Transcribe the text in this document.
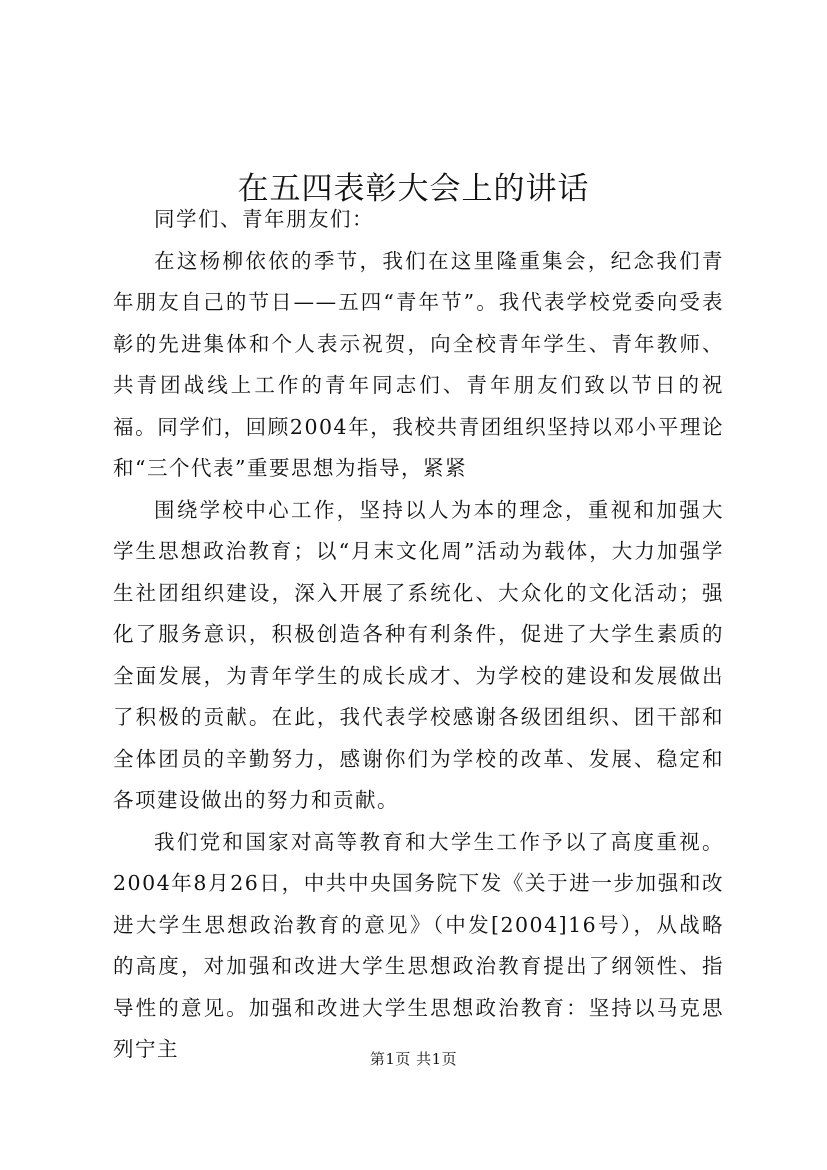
在五四表彰大会上的讲话

同学们、青年朋友们：

在这杨柳依依的季节，我们在这里隆重集会，纪念我们青年朋友自己的节日——五四“青年节”。我代表学校党委向受表彰的先进集体和个人表示祝贺，向全校青年学生、青年教师、共青团战线上工作的青年同志们、青年朋友们致以节日的祝福。同学们，回顾2004年，我校共青团组织坚持以邓小平理论和“三个代表”重要思想为指导，紧紧

围绕学校中心工作，坚持以人为本的理念，重视和加强大学生思想政治教育；以“月末文化周”活动为载体，大力加强学生社团组织建设，深入开展了系统化、大众化的文化活动；强化了服务意识，积极创造各种有利条件，促进了大学生素质的全面发展，为青年学生的成长成才、为学校的建设和发展做出了积极的贡献。在此，我代表学校感谢各级团组织、团干部和全体团员的辛勤努力，感谢你们为学校的改革、发展、稳定和各项建设做出的努力和贡献。

我们党和国家对高等教育和大学生工作予以了高度重视。2004年8月26日，中共中央国务院下发《关于进一步加强和改进大学生思想政治教育的意见》（中发[2004]16号），从战略的高度，对加强和改进大学生思想政治教育提出了纲领性、指导性的意见。加强和改进大学生思想政治教育：坚持以马克思列宁主	第1页 共1页
